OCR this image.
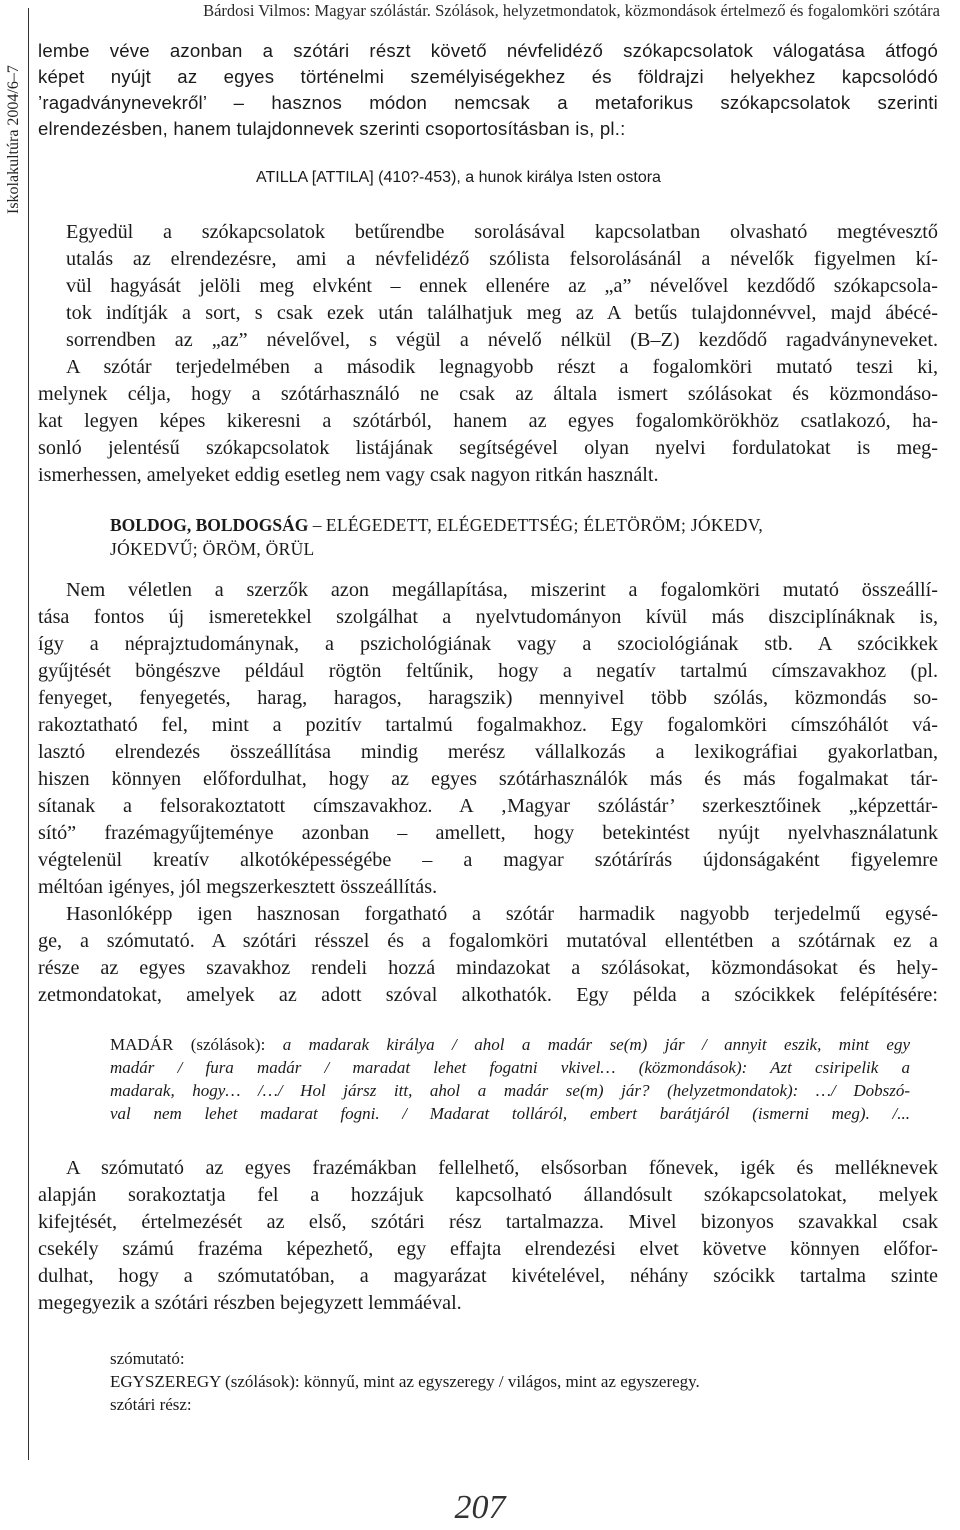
Iskolakultúra 2004/6–7
Bárdosi Vilmos: Magyar szólástár. Szólások, helyzetmondatok, közmondások értelmező és fogalomköri szótára
lembe véve azonban a szótári részt követő névfelidéző szókapcsolatok válogatása átfogó
képet nyújt az egyes történelmi személyiségekhez és földrajzi helyekhez kapcsolódó
’ragadványnevekről’ – hasznos módon nemcsak a metaforikus szókapcsolatok szerinti
elrendezésben, hanem tulajdonnevek szerinti csoportosításban is, pl.:
ATILLA [ATTILA] (410?-453), a hunok királya Isten ostora
Egyedül a szókapcsolatok betűrendbe sorolásával kapcsolatban olvasható megtévesztő
utalás az elrendezésre, ami a névfelidéző szólista felsorolásánál a névelők figyelmen kí-
vül hagyását jelöli meg elvként – ennek ellenére az „a” névelővel kezdődő szókapcsola-
tok indítják a sort, s csak ezek után találhatjuk meg az A betűs tulajdonnévvel, majd ábécé-
sorrendben az „az” névelővel, s végül a névelő nélkül (B–Z) kezdődő ragadványneveket.
A szótár terjedelmében a második legnagyobb részt a fogalomköri mutató teszi ki,
melynek célja, hogy a szótárhasználó ne csak az általa ismert szólásokat és közmondáso-
kat legyen képes kikeresni a szótárból, hanem az egyes fogalomkörökhöz csatlakozó, ha-
sonló jelentésű szókapcsolatok listájának segítségével olyan nyelvi fordulatokat is meg-
ismerhessen, amelyeket eddig esetleg nem vagy csak nagyon ritkán használt.
BOLDOG, BOLDOGSÁG – ELÉGEDETT, ELÉGEDETTSÉG; ÉLETÖRÖM; JÓKEDV,
JÓKEDVŰ; ÖRÖM, ÖRÜL
Nem véletlen a szerzők azon megállapítása, miszerint a fogalomköri mutató összeállí-
tása fontos új ismeretekkel szolgálhat a nyelvtudományon kívül más diszciplínáknak is,
így a néprajztudománynak, a pszichológiának vagy a szociológiának stb. A szócikkek
gyűjtését böngészve például rögtön feltűnik, hogy a negatív tartalmú címszavakhoz (pl.
fenyeget, fenyegetés, harag, haragos, haragszik) mennyivel több szólás, közmondás so-
rakoztatható fel, mint a pozitív tartalmú fogalmakhoz. Egy fogalomköri címszóhálót vá-
lasztó elrendezés összeállítása mindig merész vállalkozás a lexikográfiai gyakorlatban,
hiszen könnyen előfordulhat, hogy az egyes szótárhasználók más és más fogalmakat tár-
sítanak a felsorakoztatott címszavakhoz. A ‚Magyar szólástár’ szerkesztőinek „képzettár-
sító” frazémagyűjteménye azonban – amellett, hogy betekintést nyújt nyelvhasználatunk
végtelenül kreatív alkotóképességébe – a magyar szótárírás újdonságaként figyelemre
méltóan igényes, jól megszerkesztett összeállítás.
Hasonlóképp igen hasznosan forgatható a szótár harmadik nagyobb terjedelmű egysé-
ge, a szómutató. A szótári résszel és a fogalomköri mutatóval ellentétben a szótárnak ez a
része az egyes szavakhoz rendeli hozzá mindazokat a szólásokat, közmondásokat és hely-
zetmondatokat, amelyek az adott szóval alkothatók. Egy példa a szócikkek felépítésére:
MADÁR (szólások): a madarak királya / ahol a madár se(m) jár / annyit eszik, mint egy
madár / fura madár / maradat lehet fogatni vkivel… (közmondások): Azt csiripelik a
madarak, hogy… /…/ Hol jársz itt, ahol a madár se(m) jár? (helyzetmondatok): …/ Dobszó-
val nem lehet madarat fogni. / Madarat tolláról, embert barátjáról (ismerni meg). /...
A szómutató az egyes frazémákban fellelhető, elsősorban főnevek, igék és melléknevek
alapján sorakoztatja fel a hozzájuk kapcsolható állandósult szókapcsolatokat, melyek
kifejtését, értelmezését az első, szótári rész tartalmazza. Mivel bizonyos szavakkal csak
csekély számú frazéma képezhető, egy effajta elrendezési elvet követve könnyen előfor-
dulhat, hogy a szómutatóban, a magyarázat kivételével, néhány szócikk tartalma szinte
megegyezik a szótári részben bejegyzett lemmáéval.
szómutató:
EGYSZEREGY (szólások): könnyű, mint az egyszeregy / világos, mint az egyszeregy.
szótári rész:
207
